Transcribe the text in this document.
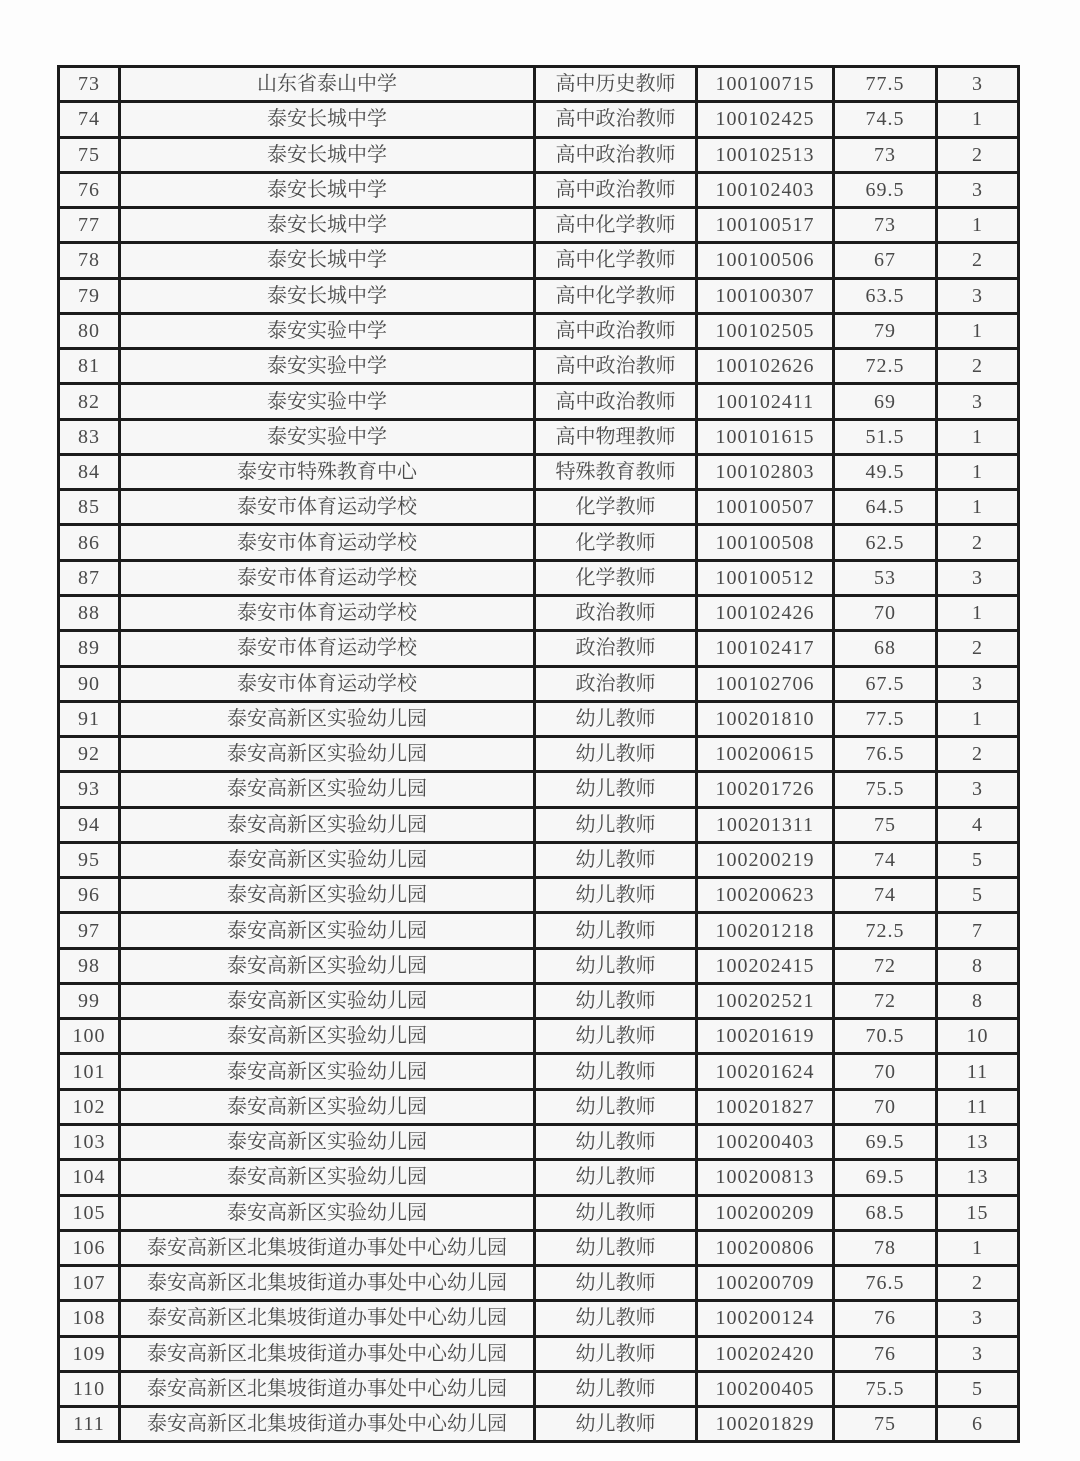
73	山东省泰山中学	高中历史教师	100100715	77.5	3
74	泰安长城中学	高中政治教师	100102425	74.5	1
75	泰安长城中学	高中政治教师	100102513	73	2
76	泰安长城中学	高中政治教师	100102403	69.5	3
77	泰安长城中学	高中化学教师	100100517	73	1
78	泰安长城中学	高中化学教师	100100506	67	2
79	泰安长城中学	高中化学教师	100100307	63.5	3
80	泰安实验中学	高中政治教师	100102505	79	1
81	泰安实验中学	高中政治教师	100102626	72.5	2
82	泰安实验中学	高中政治教师	100102411	69	3
83	泰安实验中学	高中物理教师	100101615	51.5	1
84	泰安市特殊教育中心	特殊教育教师	100102803	49.5	1
85	泰安市体育运动学校	化学教师	100100507	64.5	1
86	泰安市体育运动学校	化学教师	100100508	62.5	2
87	泰安市体育运动学校	化学教师	100100512	53	3
88	泰安市体育运动学校	政治教师	100102426	70	1
89	泰安市体育运动学校	政治教师	100102417	68	2
90	泰安市体育运动学校	政治教师	100102706	67.5	3
91	泰安高新区实验幼儿园	幼儿教师	100201810	77.5	1
92	泰安高新区实验幼儿园	幼儿教师	100200615	76.5	2
93	泰安高新区实验幼儿园	幼儿教师	100201726	75.5	3
94	泰安高新区实验幼儿园	幼儿教师	100201311	75	4
95	泰安高新区实验幼儿园	幼儿教师	100200219	74	5
96	泰安高新区实验幼儿园	幼儿教师	100200623	74	5
97	泰安高新区实验幼儿园	幼儿教师	100201218	72.5	7
98	泰安高新区实验幼儿园	幼儿教师	100202415	72	8
99	泰安高新区实验幼儿园	幼儿教师	100202521	72	8
100	泰安高新区实验幼儿园	幼儿教师	100201619	70.5	10
101	泰安高新区实验幼儿园	幼儿教师	100201624	70	11
102	泰安高新区实验幼儿园	幼儿教师	100201827	70	11
103	泰安高新区实验幼儿园	幼儿教师	100200403	69.5	13
104	泰安高新区实验幼儿园	幼儿教师	100200813	69.5	13
105	泰安高新区实验幼儿园	幼儿教师	100200209	68.5	15
106	泰安高新区北集坡街道办事处中心幼儿园	幼儿教师	100200806	78	1
107	泰安高新区北集坡街道办事处中心幼儿园	幼儿教师	100200709	76.5	2
108	泰安高新区北集坡街道办事处中心幼儿园	幼儿教师	100200124	76	3
109	泰安高新区北集坡街道办事处中心幼儿园	幼儿教师	100202420	76	3
110	泰安高新区北集坡街道办事处中心幼儿园	幼儿教师	100200405	75.5	5
111	泰安高新区北集坡街道办事处中心幼儿园	幼儿教师	100201829	75	6
